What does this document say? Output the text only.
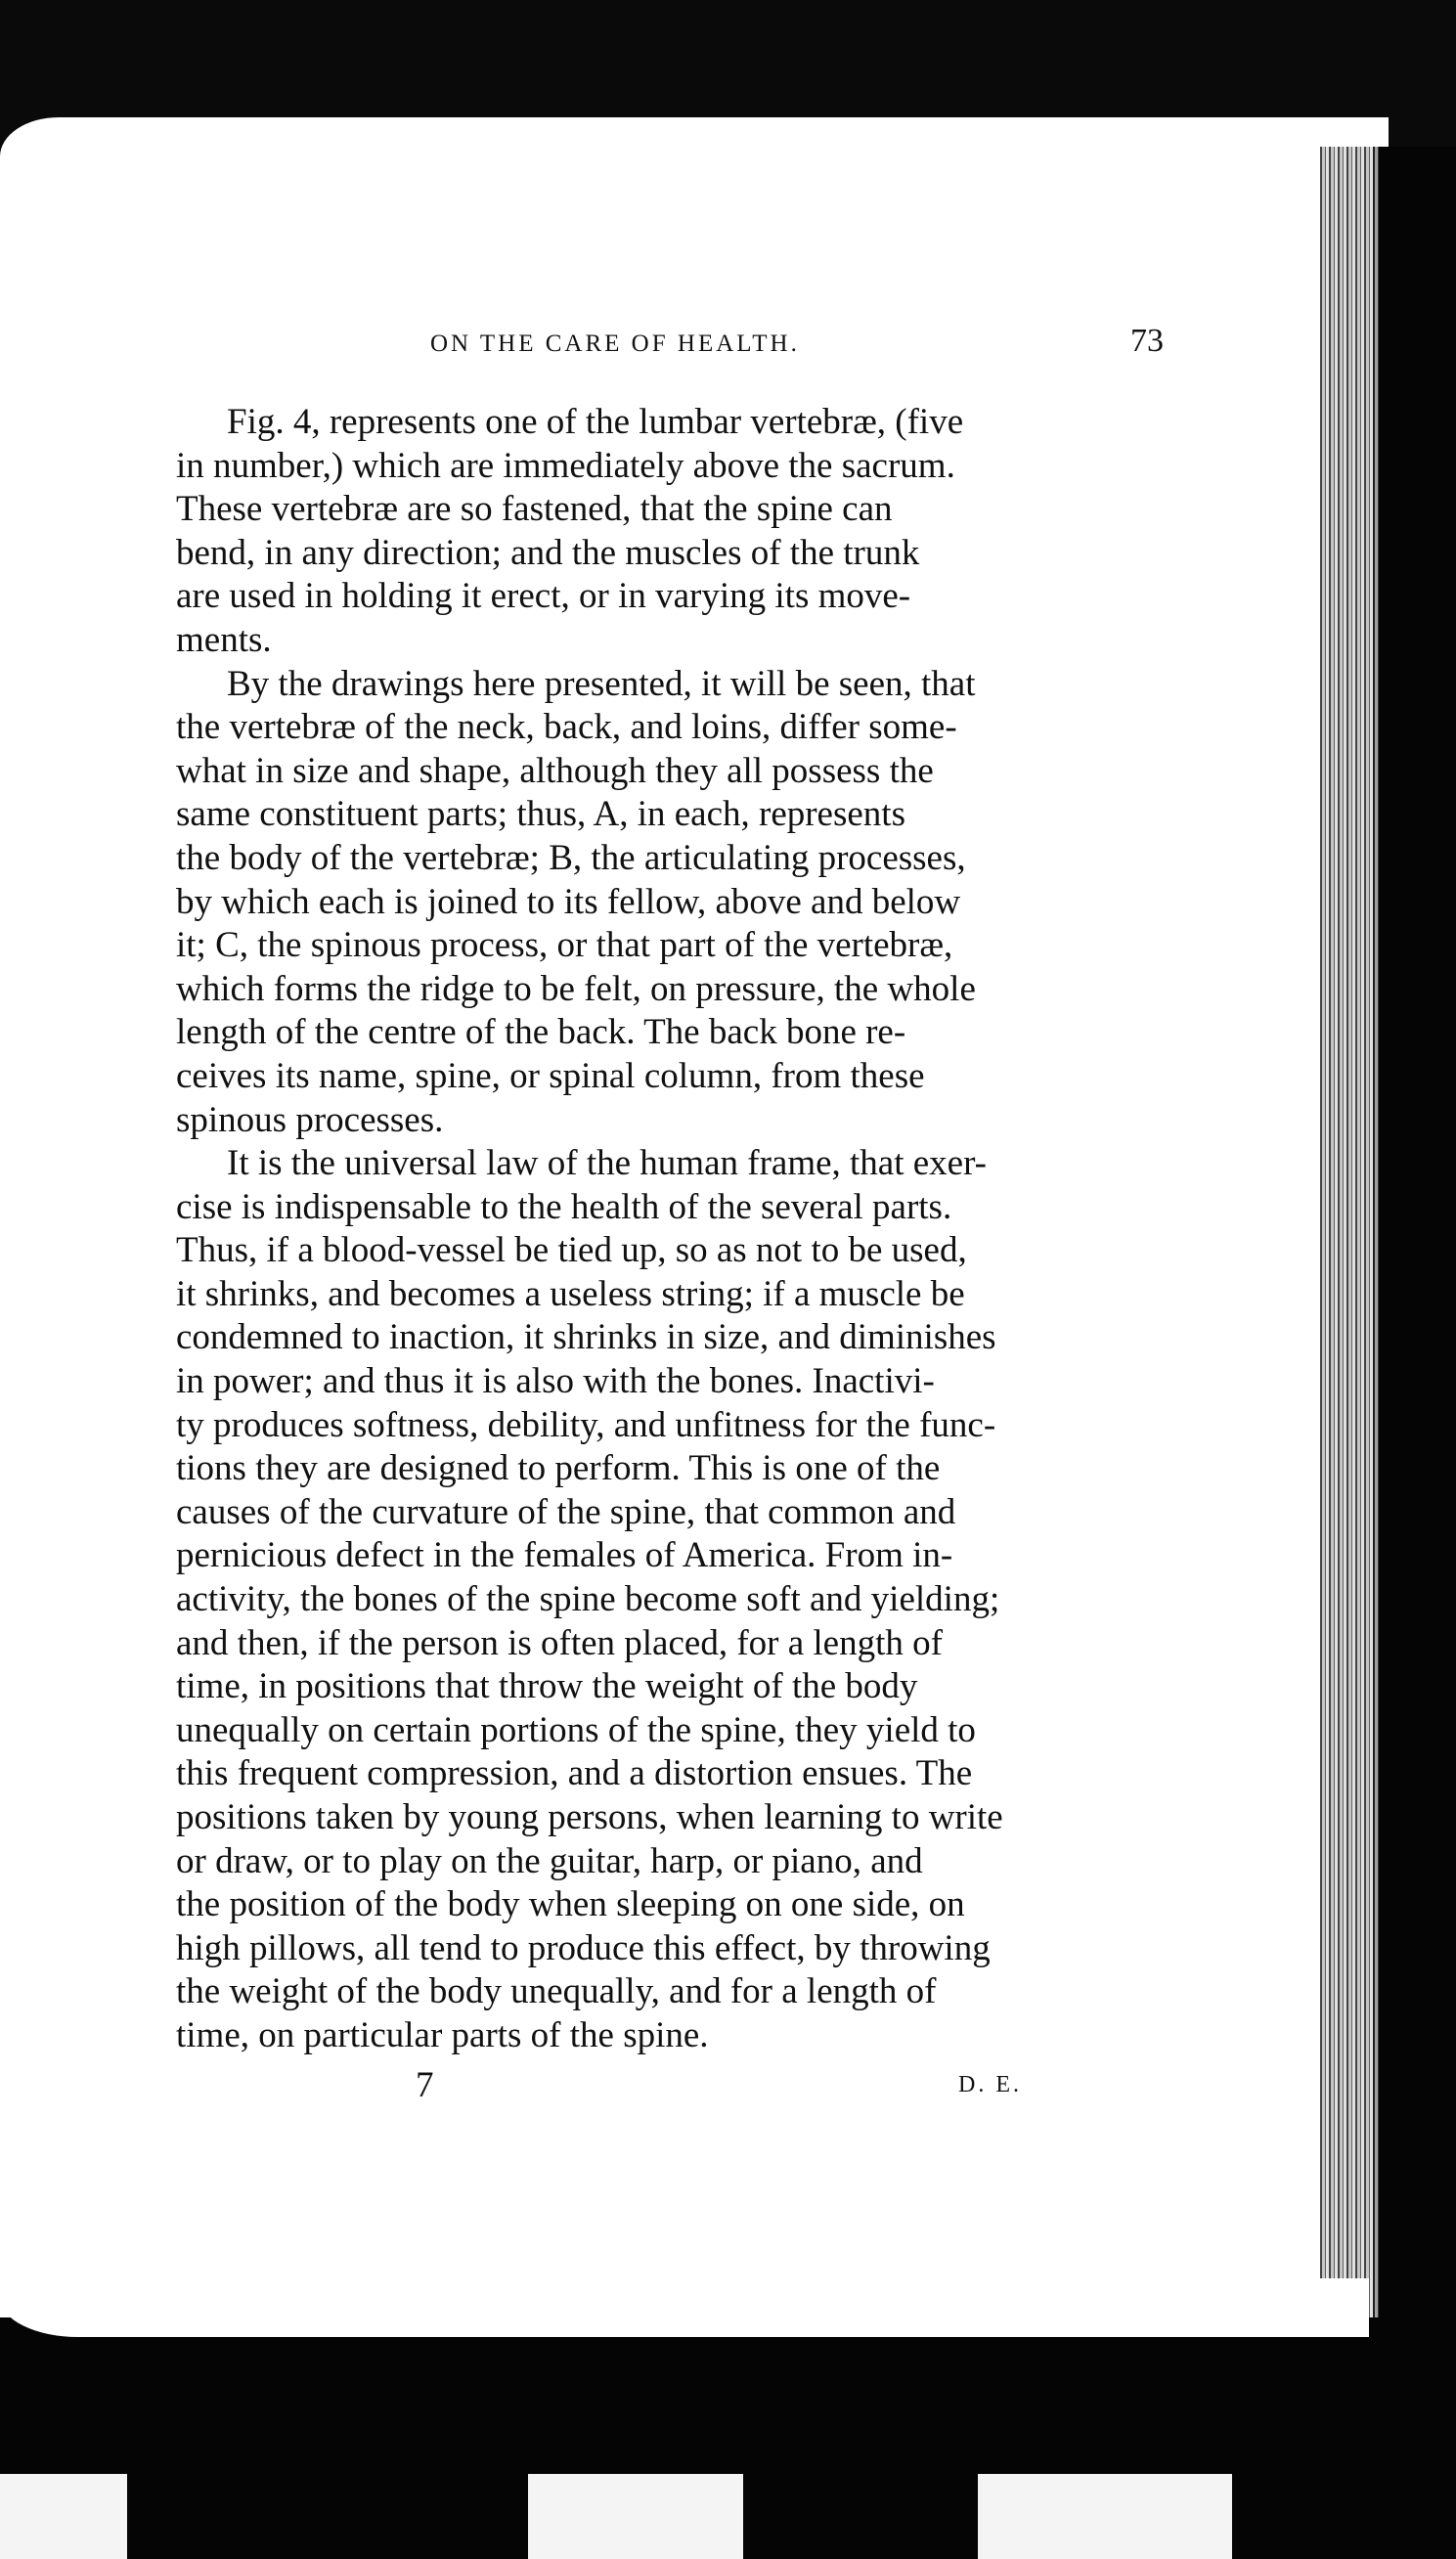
ON THE CARE OF HEALTH.	73

Fig. 4, represents one of the lumbar vertebræ, (five
in number,) which are immediately above the sacrum.
These vertebræ are so fastened, that the spine can
bend, in any direction; and the muscles of the trunk
are used in holding it erect, or in varying its move-
ments.

By the drawings here presented, it will be seen, that
the vertebræ of the neck, back, and loins, differ some-
what in size and shape, although they all possess the
same constituent parts; thus, A, in each, represents
the body of the vertebræ; B, the articulating processes,
by which each is joined to its fellow, above and below
it; C, the spinous process, or that part of the vertebræ,
which forms the ridge to be felt, on pressure, the whole
length of the centre of the back. The back bone re-
ceives its name, spine, or spinal column, from these
spinous processes.

It is the universal law of the human frame, that exer-
cise is indispensable to the health of the several parts.
Thus, if a blood-vessel be tied up, so as not to be used,
it shrinks, and becomes a useless string; if a muscle be
condemned to inaction, it shrinks in size, and diminishes
in power; and thus it is also with the bones. Inactivi-
ty produces softness, debility, and unfitness for the func-
tions they are designed to perform. This is one of the
causes of the curvature of the spine, that common and
pernicious defect in the females of America. From in-
activity, the bones of the spine become soft and yielding;
and then, if the person is often placed, for a length of
time, in positions that throw the weight of the body
unequally on certain portions of the spine, they yield to
this frequent compression, and a distortion ensues. The
positions taken by young persons, when learning to write
or draw, or to play on the guitar, harp, or piano, and
the position of the body when sleeping on one side, on
high pillows, all tend to produce this effect, by throwing
the weight of the body unequally, and for a length of
time, on particular parts of the spine.

7	D. E.
